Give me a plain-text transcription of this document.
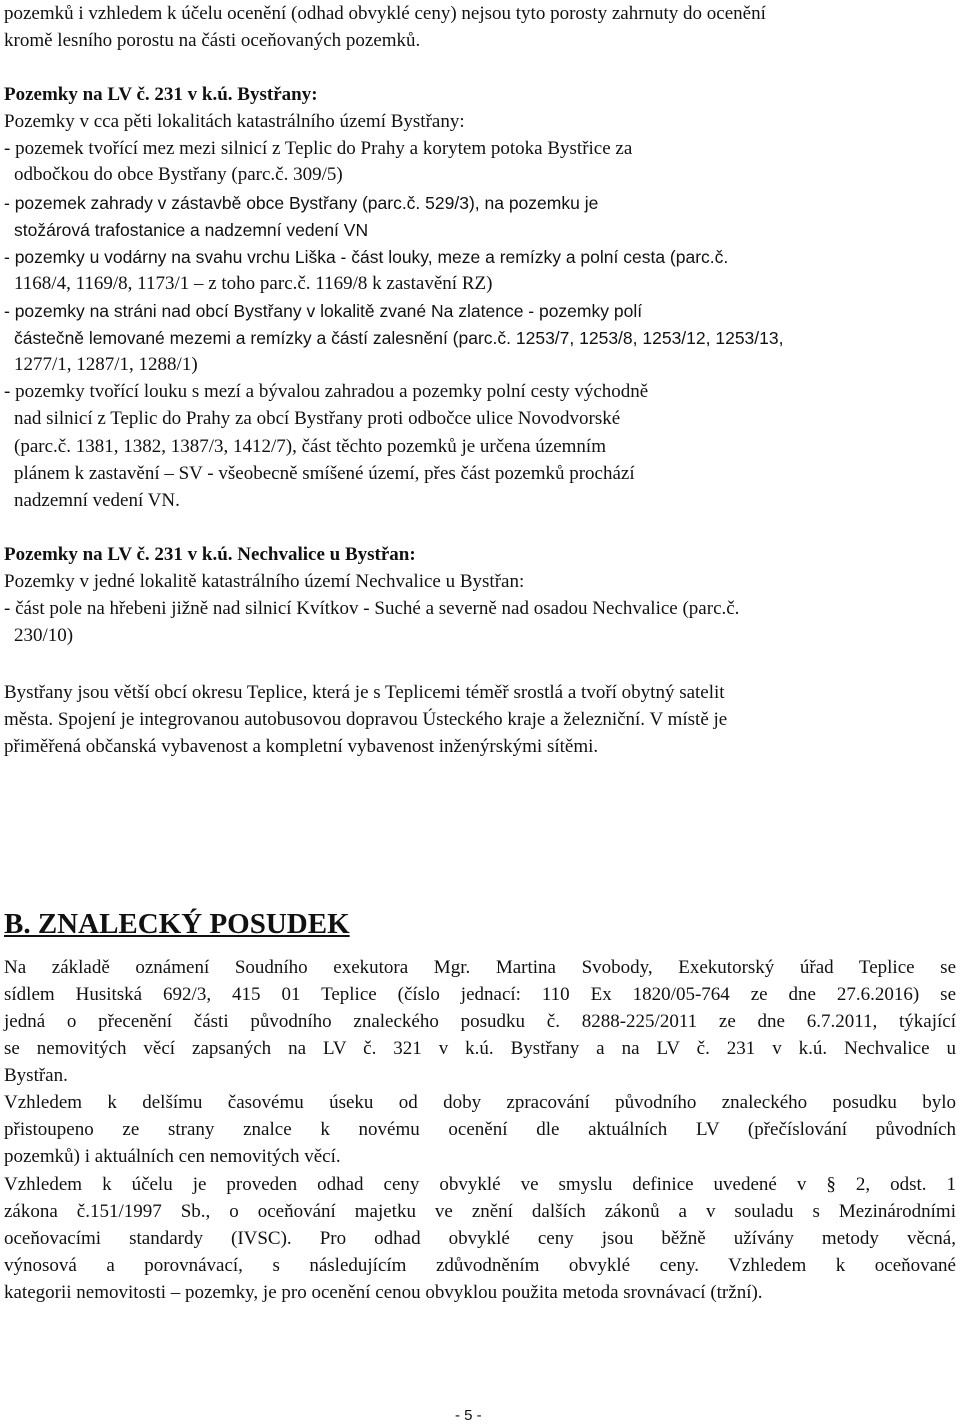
pozemků i vzhledem k účelu ocenění (odhad obvyklé ceny) nejsou tyto porosty zahrnuty do ocenění
kromě lesního porostu na části oceňovaných pozemků.
Pozemky na LV č. 231 v k.ú. Bystřany:
Pozemky v cca pěti lokalitách katastrálního území Bystřany:
- pozemek tvořící mez mezi silnicí z Teplic do Prahy a korytem potoka Bystřice za
odbočkou do obce Bystřany (parc.č. 309/5)
- pozemek zahrady v zástavbě obce Bystřany (parc.č. 529/3), na pozemku je
stožárová trafostanice a nadzemní vedení VN
- pozemky u vodárny na svahu vrchu Liška - část louky, meze a remízky a polní cesta (parc.č.
1168/4, 1169/8, 1173/1 – z toho parc.č. 1169/8 k zastavění RZ)
- pozemky na stráni nad obcí Bystřany v lokalitě zvané Na zlatence - pozemky polí
částečně lemované mezemi a remízky a částí zalesnění (parc.č. 1253/7, 1253/8, 1253/12, 1253/13,
1277/1, 1287/1, 1288/1)
- pozemky tvořící louku s mezí a bývalou zahradou a pozemky polní cesty východně
nad silnicí z Teplic do Prahy za obcí Bystřany proti odbočce ulice Novodvorské
(parc.č. 1381, 1382, 1387/3, 1412/7), část těchto pozemků je určena územním
plánem k zastavění – SV - všeobecně smíšené území, přes část pozemků prochází
nadzemní vedení VN.
Pozemky na LV č. 231 v k.ú. Nechvalice u Bystřan:
Pozemky v jedné lokalitě katastrálního území Nechvalice u Bystřan:
- část pole na hřebeni jižně nad silnicí Kvítkov - Suché a severně nad osadou Nechvalice (parc.č.
230/10)
Bystřany jsou větší obcí okresu Teplice, která je s Teplicemi téměř srostlá a tvoří obytný satelit
města. Spojení je integrovanou autobusovou dopravou Ústeckého kraje a železniční. V místě je
přiměřená občanská vybavenost a kompletní vybavenost inženýrskými sítěmi.
B. ZNALECKÝ POSUDEK
Na základě oznámení Soudního exekutora Mgr. Martina Svobody, Exekutorský úřad Teplice se
sídlem Husitská 692/3, 415 01 Teplice (číslo jednací: 110 Ex 1820/05-764 ze dne 27.6.2016) se
jedná o přecenění části původního znaleckého posudku č. 8288-225/2011 ze dne 6.7.2011, týkající
se nemovitých věcí zapsaných na LV č. 321 v k.ú. Bystřany a na LV č. 231 v k.ú. Nechvalice u
Bystřan.
Vzhledem k delšímu časovému úseku od doby zpracování původního znaleckého posudku bylo
přistoupeno ze strany znalce k novému ocenění dle aktuálních LV (přečíslování původních
pozemků) i aktuálních cen nemovitých věcí.
Vzhledem k účelu je proveden odhad ceny obvyklé ve smyslu definice uvedené v § 2, odst. 1
zákona č.151/1997 Sb., o oceňování majetku ve znění dalších zákonů a v souladu s Mezinárodními
oceňovacími standardy (IVSC). Pro odhad obvyklé ceny jsou běžně užívány metody věcná,
výnosová a porovnávací, s následujícím zdůvodněním obvyklé ceny. Vzhledem k oceňované
kategorii nemovitosti – pozemky, je pro ocenění cenou obvyklou použita metoda srovnávací (tržní).
- 5 -
